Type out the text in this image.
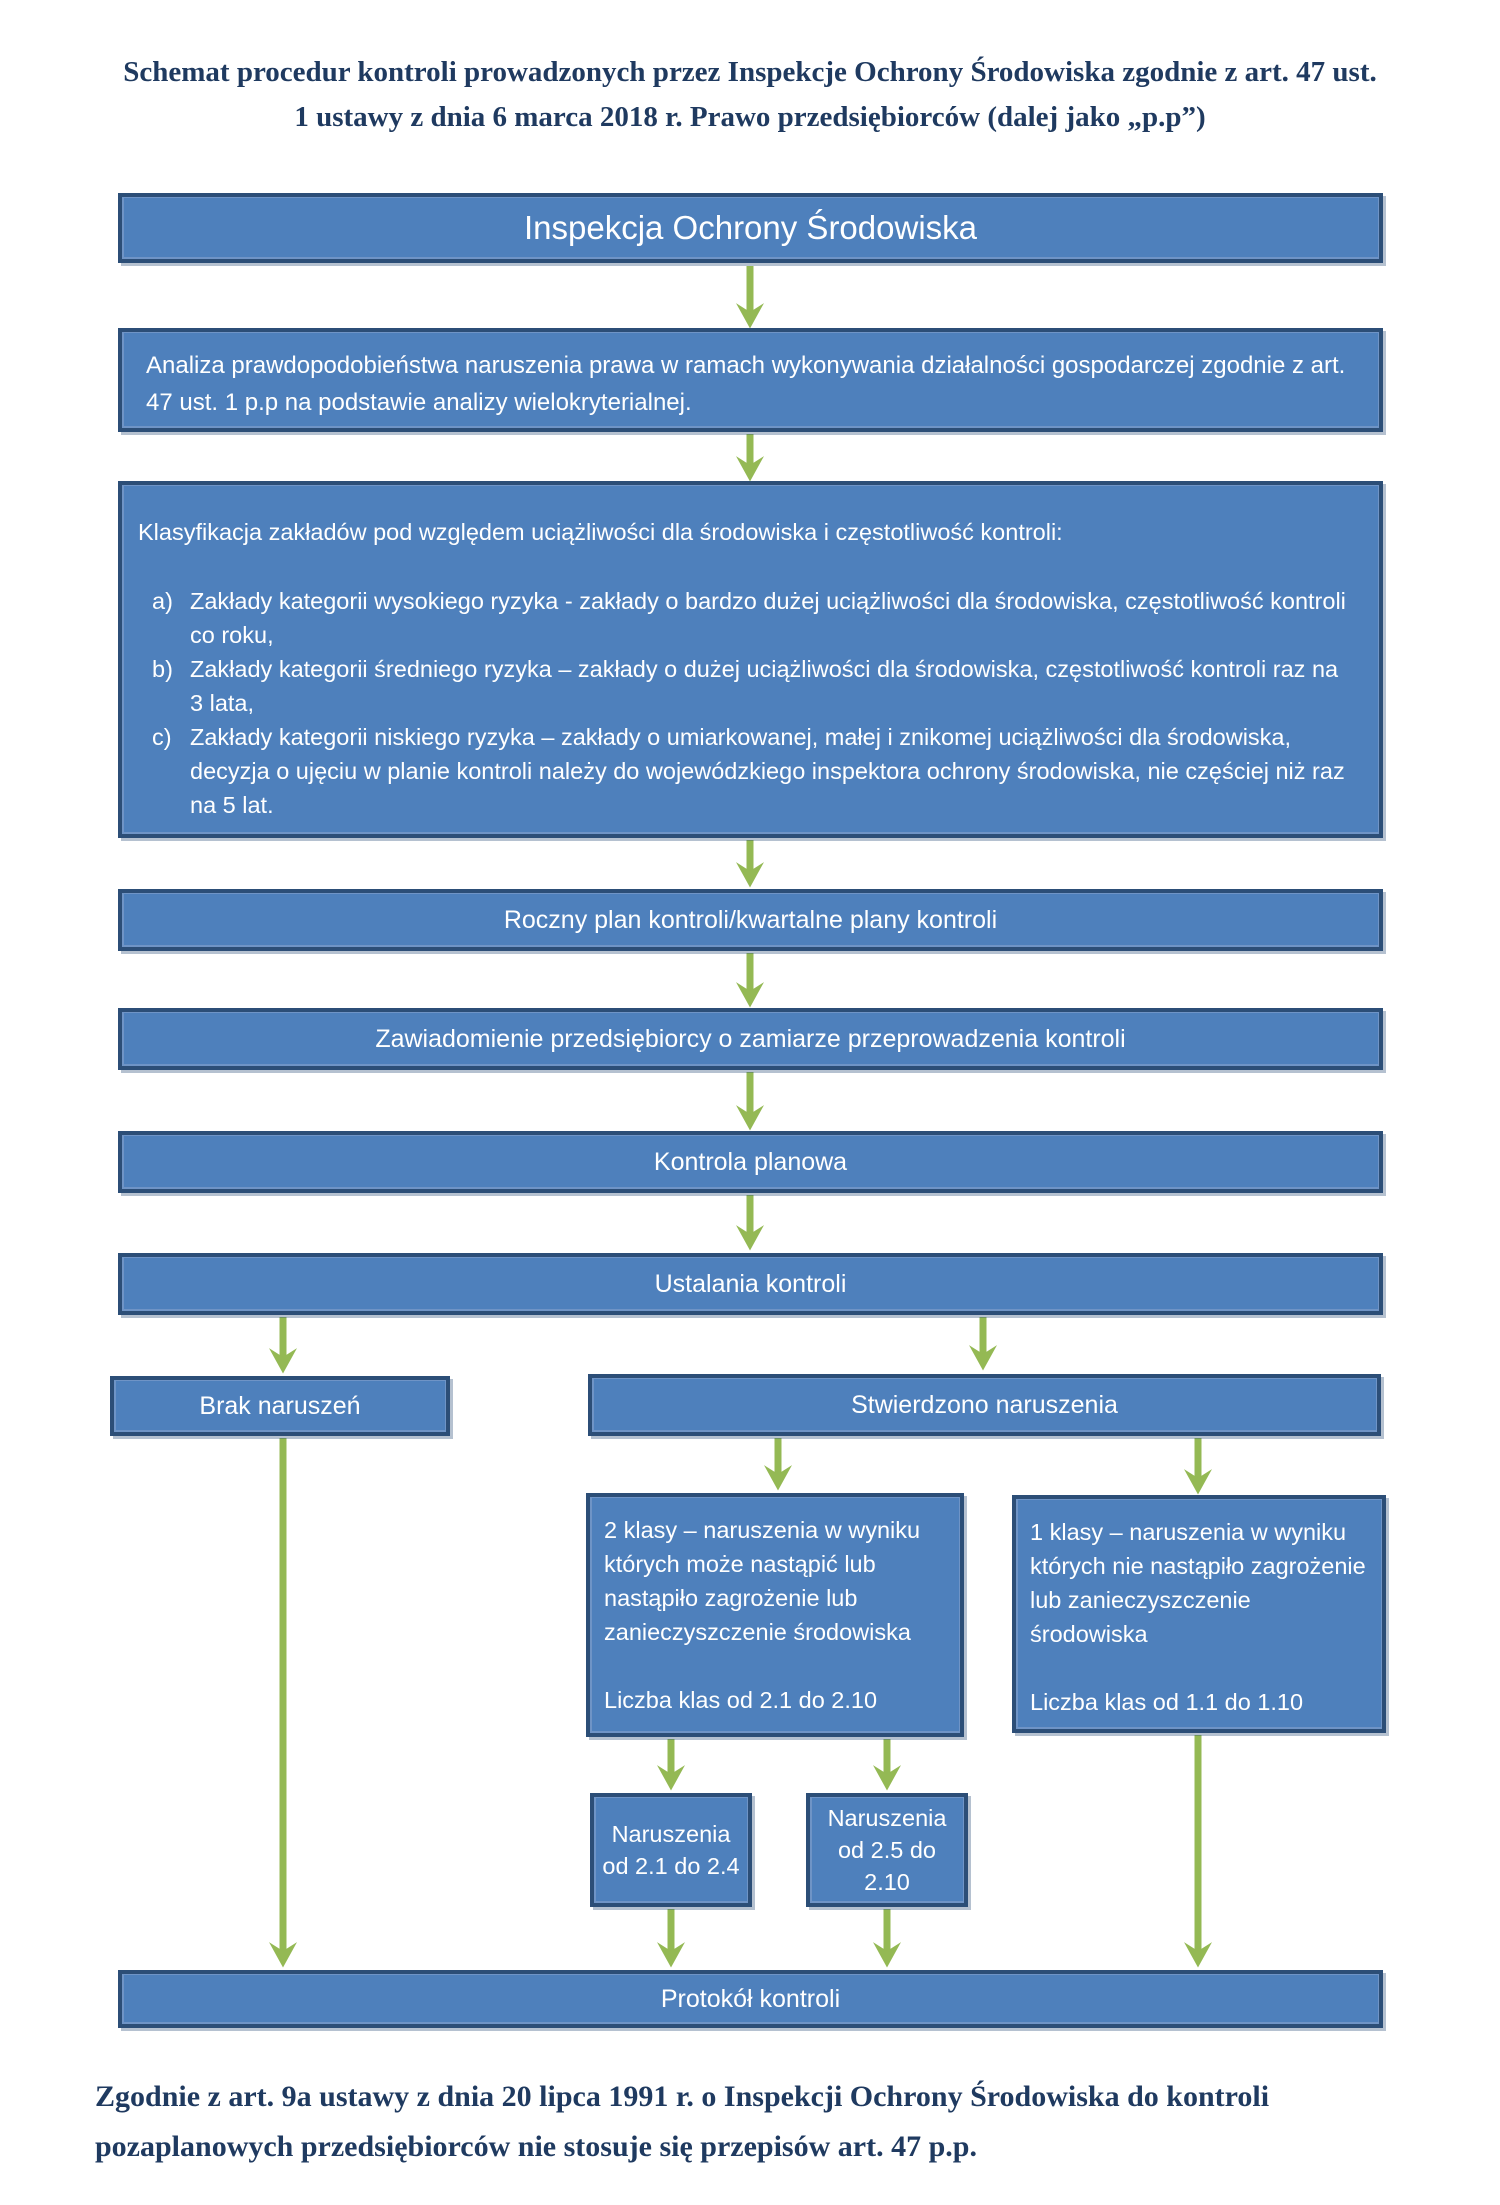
Schemat procedur kontroli prowadzonych przez Inspekcje Ochrony Środowiska zgodnie z art. 47 ust. 1 ustawy z dnia 6 marca 2018 r. Prawo przedsiębiorców (dalej jako „p.p”)
Inspekcja Ochrony Środowiska
Analiza prawdopodobieństwa naruszenia prawa w ramach wykonywania działalności gospodarczej zgodnie z art. 47 ust. 1 p.p na podstawie analizy wielokryterialnej.
Klasyfikacja zakładów pod względem uciążliwości dla środowiska i częstotliwość kontroli:
a) Zakłady kategorii wysokiego ryzyka - zakłady o bardzo dużej uciążliwości dla środowiska, częstotliwość kontroli co roku,
b) Zakłady kategorii średniego ryzyka – zakłady o dużej uciążliwości dla środowiska, częstotliwość kontroli raz na 3 lata,
c) Zakłady kategorii niskiego ryzyka – zakłady o umiarkowanej, małej i znikomej uciążliwości dla środowiska, decyzja o ujęciu w planie kontroli należy do wojewódzkiego inspektora ochrony środowiska, nie częściej niż raz na 5 lat.
Roczny plan kontroli/kwartalne plany kontroli
Zawiadomienie przedsiębiorcy o zamiarze przeprowadzenia kontroli
Kontrola planowa
Ustalania kontroli
Brak naruszeń	Stwierdzono naruszenia
2 klasy – naruszenia w wyniku których może nastąpić lub nastąpiło zagrożenie lub zanieczyszczenie środowiska
Liczba klas od 2.1 do 2.10
1 klasy – naruszenia w wyniku których nie nastąpiło zagrożenie lub zanieczyszczenie środowiska
Liczba klas od 1.1 do 1.10
Naruszenia od 2.1 do 2.4
Naruszenia od 2.5 do 2.10
Protokół kontroli
Zgodnie z art. 9a ustawy z dnia 20 lipca 1991 r. o Inspekcji Ochrony Środowiska do kontroli pozaplanowych przedsiębiorców nie stosuje się przepisów art. 47 p.p.
